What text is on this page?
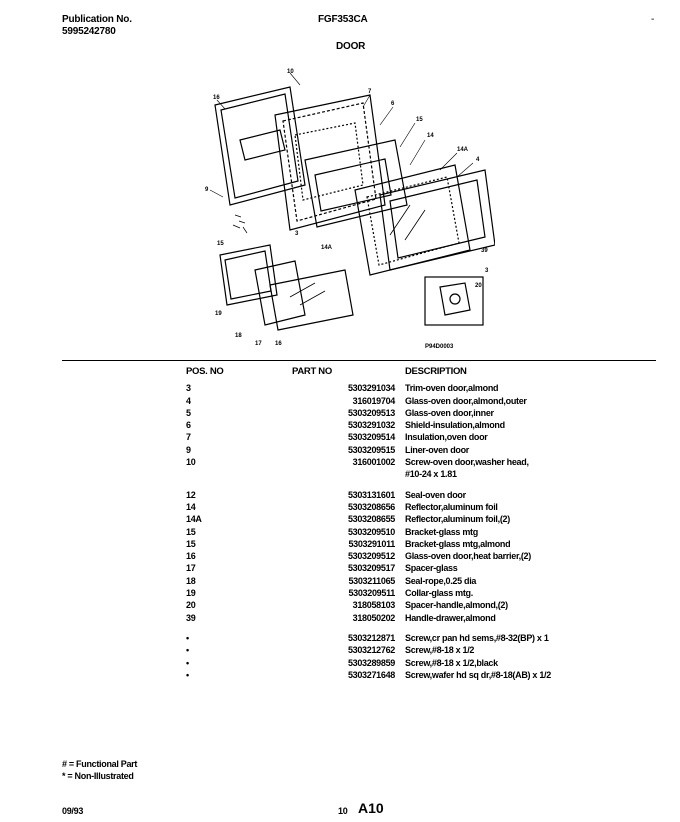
Publication No.
5995242780
FGF353CA
DOOR
-
10
16
7
6
15
14
14A
4
9
3
14A
15
39
3
19
18
17 16
20
P94D0003
POS. NO	PART NO		DESCRIPTION
3	5303291034		Trim-oven door,almond
4	316019704		Glass-oven door,almond,outer
5	5303209513		Glass-oven door,inner
6	5303291032		Shield-insulation,almond
7	5303209514		Insulation,oven door
9	5303209515		Liner-oven door
10	316001002		Screw-oven door,washer head,
			#10-24 x 1.81

12	5303131601		Seal-oven door
14	5303208656		Reflector,aluminum foil
14A	5303208655		Reflector,aluminum foil,(2)
15	5303209510		Bracket-glass mtg
15	5303291011		Bracket-glass mtg,almond
16	5303209512		Glass-oven door,heat barrier,(2)
17	5303209517		Spacer-glass
18	5303211065		Seal-rope,0.25 dia
19	5303209511		Collar-glass mtg.
20	318058103		Spacer-handle,almond,(2)
39	318050202		Handle-drawer,almond

•	5303212871		Screw,cr pan hd sems,#8-32(BP) x 1
•	5303212762		Screw,#8-18 x 1/2
•	5303289859		Screw,#8-18 x 1/2,black
•	5303271648		Screw,wafer hd sq dr,#8-18(AB) x 1/2
# = Functional Part
* = Non-Illustrated
09/93	10 A10
